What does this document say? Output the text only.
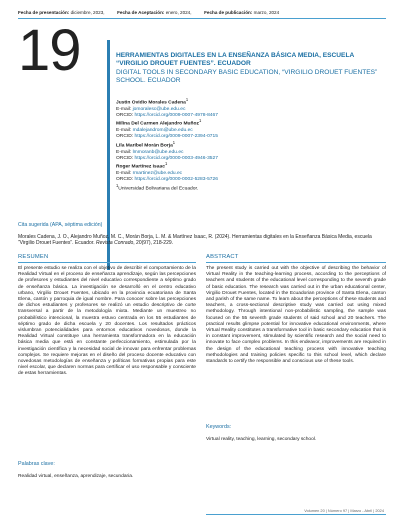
Fecha de presentación: diciembre, 2023,	Fecha de Aceptación: enero, 2024,	Fecha de publicación: marzo, 2024
19	HERRAMIENTAS DIGITALES EN LA ENSEÑANZA BÁSICA MEDIA, ESCUELA “VIRGILIO DROUET FUENTES”. ECUADOR
DIGITAL TOOLS IN SECONDARY BASIC EDUCATION, “VIRGILIO DROUET FUENTES” SCHOOL. ECUADOR
Justin Ovidio Morales Cadena$^1$
E-mail: jomoralesc@ube.edu.ec
ORCID: https://orcid.org/0009-0007-4978-8467
Milina Del Carmen Alejandro Muñoz$^1$
E-mail: mdalejandrom@ube.edu.ec
ORCID: https://orcid.org/0009-0007-2394-0715
Lila Maribel Morán Borja$^1$
E-mail: lmmoranb@ube.edu.ec
ORCID: https://orcid.org/0000-0003-4946-3527
Roger Martínez Isaac$^1$
E-mail: rmartinez@ube.edu.ec
ORCID: https://orcid.org/0000-0002-5283-5726
$^1$Universidad Bolivariana del Ecuador.
Cita sugerida (APA, séptima edición)
Morales Cadena, J. O., Alejandro Muñoz, M. C., Morán Borja, L. M. & Martínez Isaac, R. (2024). Herramientas digitales en la Enseñanza Básica Media, escuela “Virgilio Drouet Fuentes”. Ecuador. Revista Conrado, 20(97), 218-229.
RESUMEN	ABSTRACT
El presente estudio se realiza con el objetivo de describir el comportamiento de la Realidad Virtual en el proceso de enseñanza aprendizaje, según las percepciones de profesores y estudiantes del nivel educativo correspondiente a séptimo grado de enseñanza básica. La investigación se desarrolló en el centro educativo urbano, Virgilio Drouet Fuentes, ubicado en la provincia ecuatoriana de Santa Elena, cantón y parroquia de igual nombre. Para conocer sobre las percepciones de dichos estudiantes y profesores se realizó un estudio descriptivo de corte transversal a partir de la metodología mixta. Mediante un muestreo no probabilístico intencional, la muestra estuvo centrada en los 55 estudiantes de séptimo grado de dicha escuela y 20 docentes. Los resultados prácticos vislumbran potencialidades para entornos educativos novedosos, donde la Realidad Virtual constituye una herramienta transformadora en la educación básica media que está en constante perfeccionamiento, estimulada por la investigación científica y la necesidad social de innovar para enfrentar problemas complejos. Se requiere mejoras en el diseño del proceso docente educativo con novedosas metodologías de enseñanza y políticas formativas propias para este nivel escolar, que declaren normas para certificar el uso responsable y consciente de estas herramientas.
The present study is carried out with the objective of describing the behavior of Virtual Reality in the teaching-learning process, according to the perceptions of teachers and students of the educational level corresponding to the seventh grade of basic education. The research was carried out in the urban educational center, Virgilio Drouet Fuentes, located in the Ecuadorian province of Santa Elena, canton and parish of the same name. To learn about the perceptions of these students and teachers, a cross-sectional descriptive study was carried out using mixed methodology. Through intentional non-probabilistic sampling, the sample was focused on the 55 seventh grade students of said school and 20 teachers. The practical results glimpse potential for innovative educational environments, where Virtual Reality constitutes a transformative tool in basic secondary education that is in constant improvement, stimulated by scientific research and the social need to innovate to face complex problems. In this endeavor, improvements are required in the design of the educational teaching process with innovative teaching methodologies and training policies specific to this school level, which declare standards to certify the responsible and conscious use of these tools.
Palabras clave:
Realidad virtual, enseñanza, aprendizaje, secundaria.
Keywords:
Virtual reality, teaching, learning, secondary school.
Volumen 20 | Número 97 | Marzo - Abril | 2024
